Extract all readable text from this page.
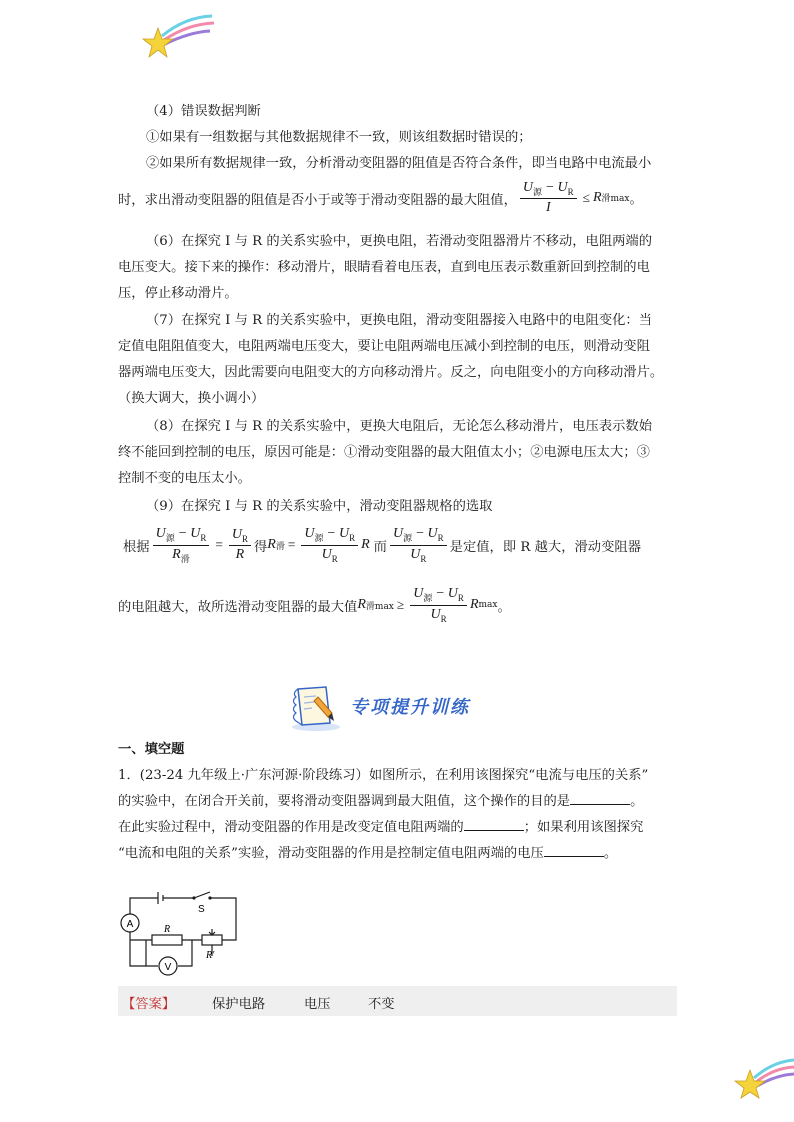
（4）错误数据判断
①如果有一组数据与其他数据规律不一致，则该组数据时错误的；
②如果所有数据规律一致，分析滑动变阻器的阻值是否符合条件，即当电路中电流最小
时，求出滑动变阻器的阻值是否小于或等于滑动变阻器的最大阻值， $\frac{U_源 - U_R}{I} \le R$ 滑max 。
（6）在探究 I 与 R 的关系实验中，更换电阻，若滑动变阻器滑片不移动，电阻两端的
电压变大。接下来的操作：移动滑片，眼睛看着电压表，直到电压表示数重新回到控制的电
压，停止移动滑片。
（7）在探究 I 与 R 的关系实验中，更换电阻，滑动变阻器接入电路中的电阻变化：当
定值电阻阻值变大，电阻两端电压变大，要让电阻两端电压减小到控制的电压，则滑动变阻
器两端电压变大，因此需要向电阻变大的方向移动滑片。反之，向电阻变小的方向移动滑片。
（换大调大，换小调小）
（8）在探究 I 与 R 的关系实验中，更换大电阻后，无论怎么移动滑片，电压表示数始
终不能回到控制的电压，原因可能是：①滑动变阻器的最大阻值太小；②电源电压太大；③
控制不变的电压太小。
（9）在探究 I 与 R 的关系实验中，滑动变阻器规格的选取
根据 $\frac{U_源 - U_R}{R_滑} = \frac{U_R}{R}$ 得 R 滑 = $\frac{U_源 - U_R}{U_R}$ R 而 $\frac{U_源 - U_R}{U_R}$ 是定值，即 R 越大，滑动变阻器
的电阻越大，故所选滑动变阻器的最大值 R 滑$\max \ge \frac{U_源 - U_R}{U_R}$ R max 。
专项提升训练
一、填空题
1．(23-24 九年级上·广东河源·阶段练习）如图所示，在利用该图探究“电流与电压的关系”
的实验中，在闭合开关前，要将滑动变阻器调到最大阻值，这个操作的目的是	。
在此实验过程中，滑动变阻器的作用是改变定值电阻两端的	；如果利用该图探究
“电流和电阻的关系”实验，滑动变阻器的作用是控制定值电阻两端的电压	。
A
V
S
R
R′
【答案】	保护电路	电压	不变
